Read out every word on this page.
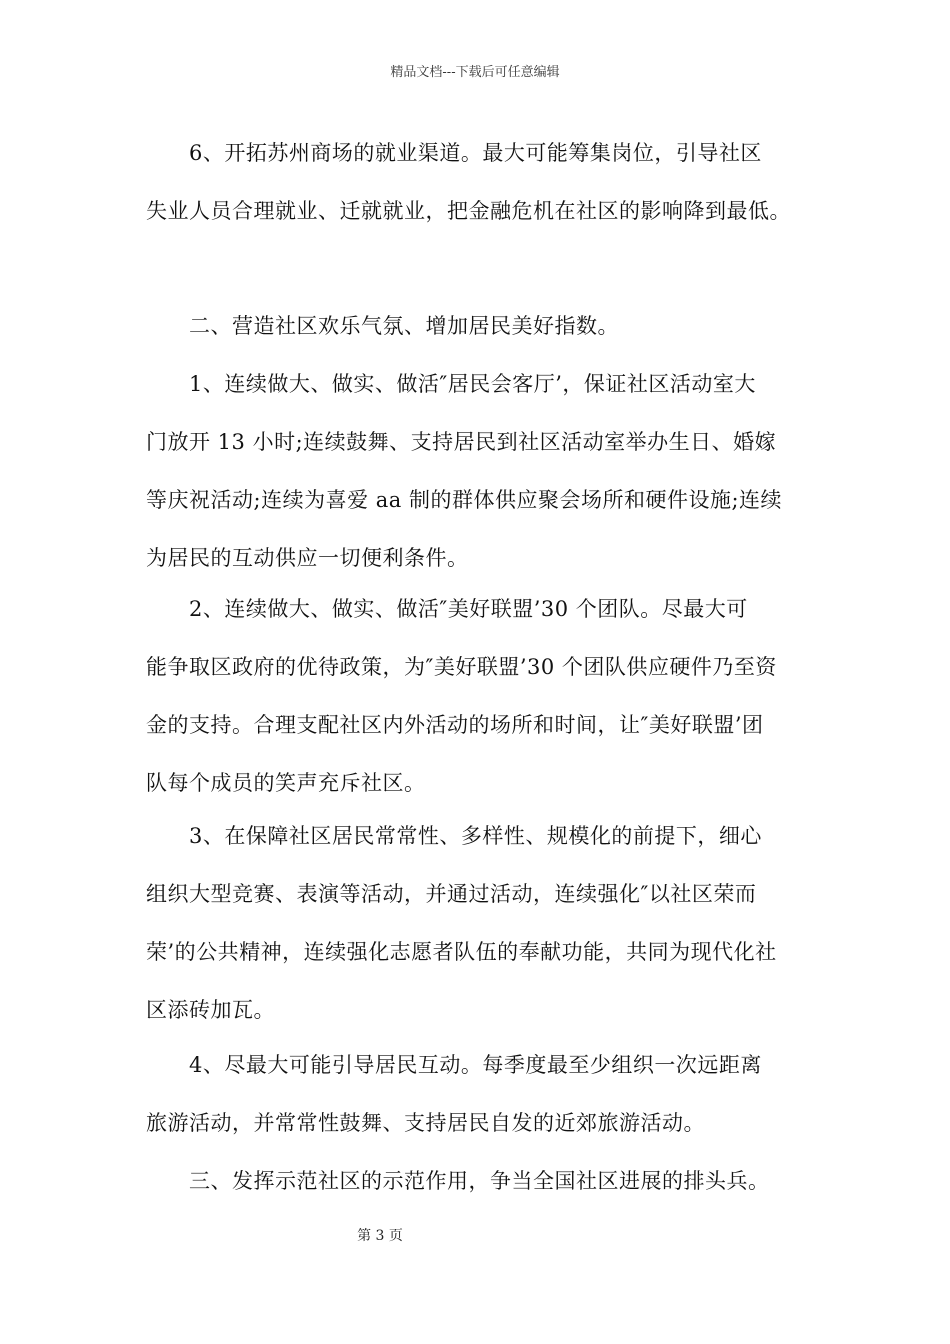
精品文档---下载后可任意编辑
　　6、开拓苏州商场的就业渠道。最大可能筹集岗位，引导社区
失业人员合理就业、迁就就业，把金融危机在社区的影响降到最低。
　　二、营造社区欢乐气氛、增加居民美好指数。
　　1、连续做大、做实、做活″居民会客厅’，保证社区活动室大
门放开 13 小时;连续鼓舞、支持居民到社区活动室举办生日、婚嫁
等庆祝活动;连续为喜爱 aa 制的群体供应聚会场所和硬件设施;连续
为居民的互动供应一切便利条件。
　　2、连续做大、做实、做活″美好联盟’30 个团队。尽最大可
能争取区政府的优待政策，为″美好联盟’30 个团队供应硬件乃至资
金的支持。合理支配社区内外活动的场所和时间，让″美好联盟’团
队每个成员的笑声充斥社区。
　　3、在保障社区居民常常性、多样性、规模化的前提下，细心
组织大型竞赛、表演等活动，并通过活动，连续强化″以社区荣而
荣’的公共精神，连续强化志愿者队伍的奉献功能，共同为现代化社
区添砖加瓦。
　　4、尽最大可能引导居民互动。每季度最至少组织一次远距离
旅游活动，并常常性鼓舞、支持居民自发的近郊旅游活动。
　　三、发挥示范社区的示范作用，争当全国社区进展的排头兵。
第 3 页
